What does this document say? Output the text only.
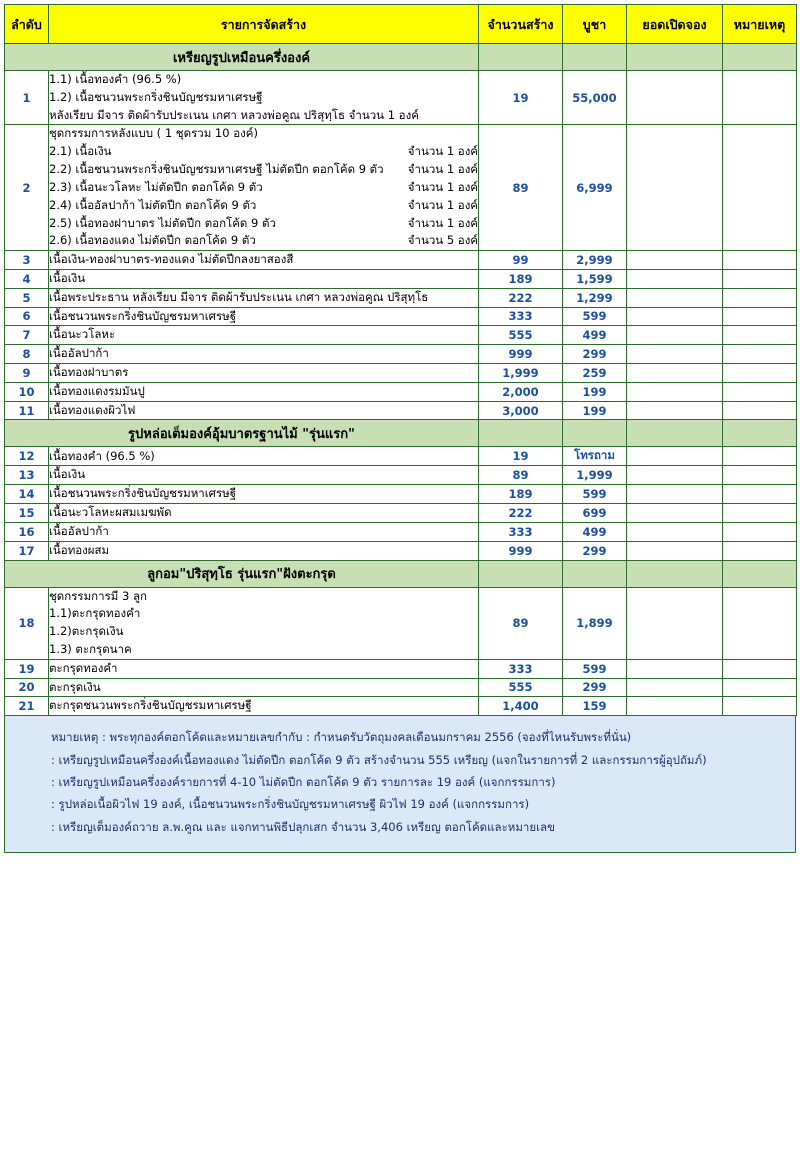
ลำดับ	รายการจัดสร้าง	จำนวนสร้าง	บูชา	ยอดเปิดจอง	หมายเหตุ
เหรียญรูปเหมือนครึ่งองค์					
1	1.1) เนื้อทองคำ (96.5 %)
1.2) เนื้อชนวนพระกริ่งชินบัญชรมหาเศรษฐี
หลังเรียบ มีจาร ติดผ้ารับประเนน เกศา หลวงพ่อคูณ ปริสุทฺโธ จำนวน 1 องค์	19	55,000		
2	
ชุดกรรมการหลังแบบ ( 1 ชุดรวม 10 องค์)
2.1) เนื้อเงิน	จำนวน 1 องค์
2.2) เนื้อชนวนพระกริ่งชินบัญชรมหาเศรษฐี ไม่ตัดปีก ตอกโค้ด 9 ตัว	จำนวน 1 องค์
2.3) เนื้อนะวโลหะ ไม่ตัดปีก ตอกโค้ด 9 ตัว	จำนวน 1 องค์
2.4) เนื้ออัลปาก้า ไม่ตัดปีก ตอกโค้ด 9 ตัว	จำนวน 1 องค์
2.5) เนื้อทองฝาบาตร ไม่ตัดปีก ตอกโค้ด 9 ตัว	จำนวน 1 องค์
2.6) เนื้อทองแดง ไม่ตัดปีก ตอกโค้ด 9 ตัว	จำนวน 5 องค์
	89	6,999		
3	เนื้อเงิน-ทองฝาบาตร-ทองแดง ไม่ตัดปีกลงยาสองสี	99	2,999		
4	เนื้อเงิน	189	1,599		
5	เนื้อพระประธาน หลังเรียบ มีจาร ติดผ้ารับประเนน เกศา หลวงพ่อคูณ ปริสุทฺโธ	222	1,299		
6	เนื้อชนวนพระกริ่งชินบัญชรมหาเศรษฐี	333	599		
7	เนื้อนะวโลหะ	555	499		
8	เนื้ออัลปาก้า	999	299		
9	เนื้อทองฝาบาตร	1,999	259		
10	เนื้อทองแดงรมมันปู	2,000	199		
11	เนื้อทองแดงผิวไฟ	3,000	199		
รูปหล่อเต็มองค์อุ้มบาตรฐานไม้ "รุ่นแรก"					
12	เนื้อทองคำ (96.5 %)	19	โทรถาม		
13	เนื้อเงิน	89	1,999		
14	เนื้อชนวนพระกริ่งชินบัญชรมหาเศรษฐี	189	599		
15	เนื้อนะวโลหะผสมเมฆพัด	222	699		
16	เนื้ออัลปาก้า	333	499		
17	เนื้อทองผสม	999	299		
ลูกอม"ปริสุทฺโธ รุ่นแรก"ฝังตะกรุด					
18	ชุดกรรมการมี 3 ลูก
1.1)ตะกรุดทองคำ
1.2)ตะกรุดเงิน
1.3) ตะกรุดนาค	89	1,899		
19	ตะกรุดทองคำ	333	599		
20	ตะกรุดเงิน	555	299		
21	ตะกรุดชนวนพระกริ่งชินบัญชรมหาเศรษฐี	1,400	159		
หมายเหตุ : พระทุกองค์ตอกโค้ดและหมายเลขกำกับ : กำหนดรับวัตถุมงคลเดือนมกราคม 2556 (จองที่ไหนรับพระที่นั่น)
: เหรียญรูปเหมือนครึ่งองค์เนื้อทองแดง ไม่ตัดปีก ตอกโค้ด 9 ตัว สร้างจำนวน 555 เหรียญ (แจกในรายการที่ 2 และกรรมการผู้อุปถัมภ์)
: เหรียญรูปเหมือนครึ่งองค์รายการที่ 4-10 ไม่ตัดปีก ตอกโค้ด 9 ตัว รายการละ 19 องค์ (แจกกรรมการ)
: รูปหล่อเนื้อผิวไฟ 19 องค์, เนื้อชนวนพระกริ่งชินบัญชรมหาเศรษฐี ผิวไฟ 19 องค์ (แจกกรรมการ)
: เหรียญเต็มองค์ถวาย ล.พ.คูณ และ แจกทานพิธีปลุกเสก จำนวน 3,406 เหรียญ ตอกโค้ดและหมายเลข
